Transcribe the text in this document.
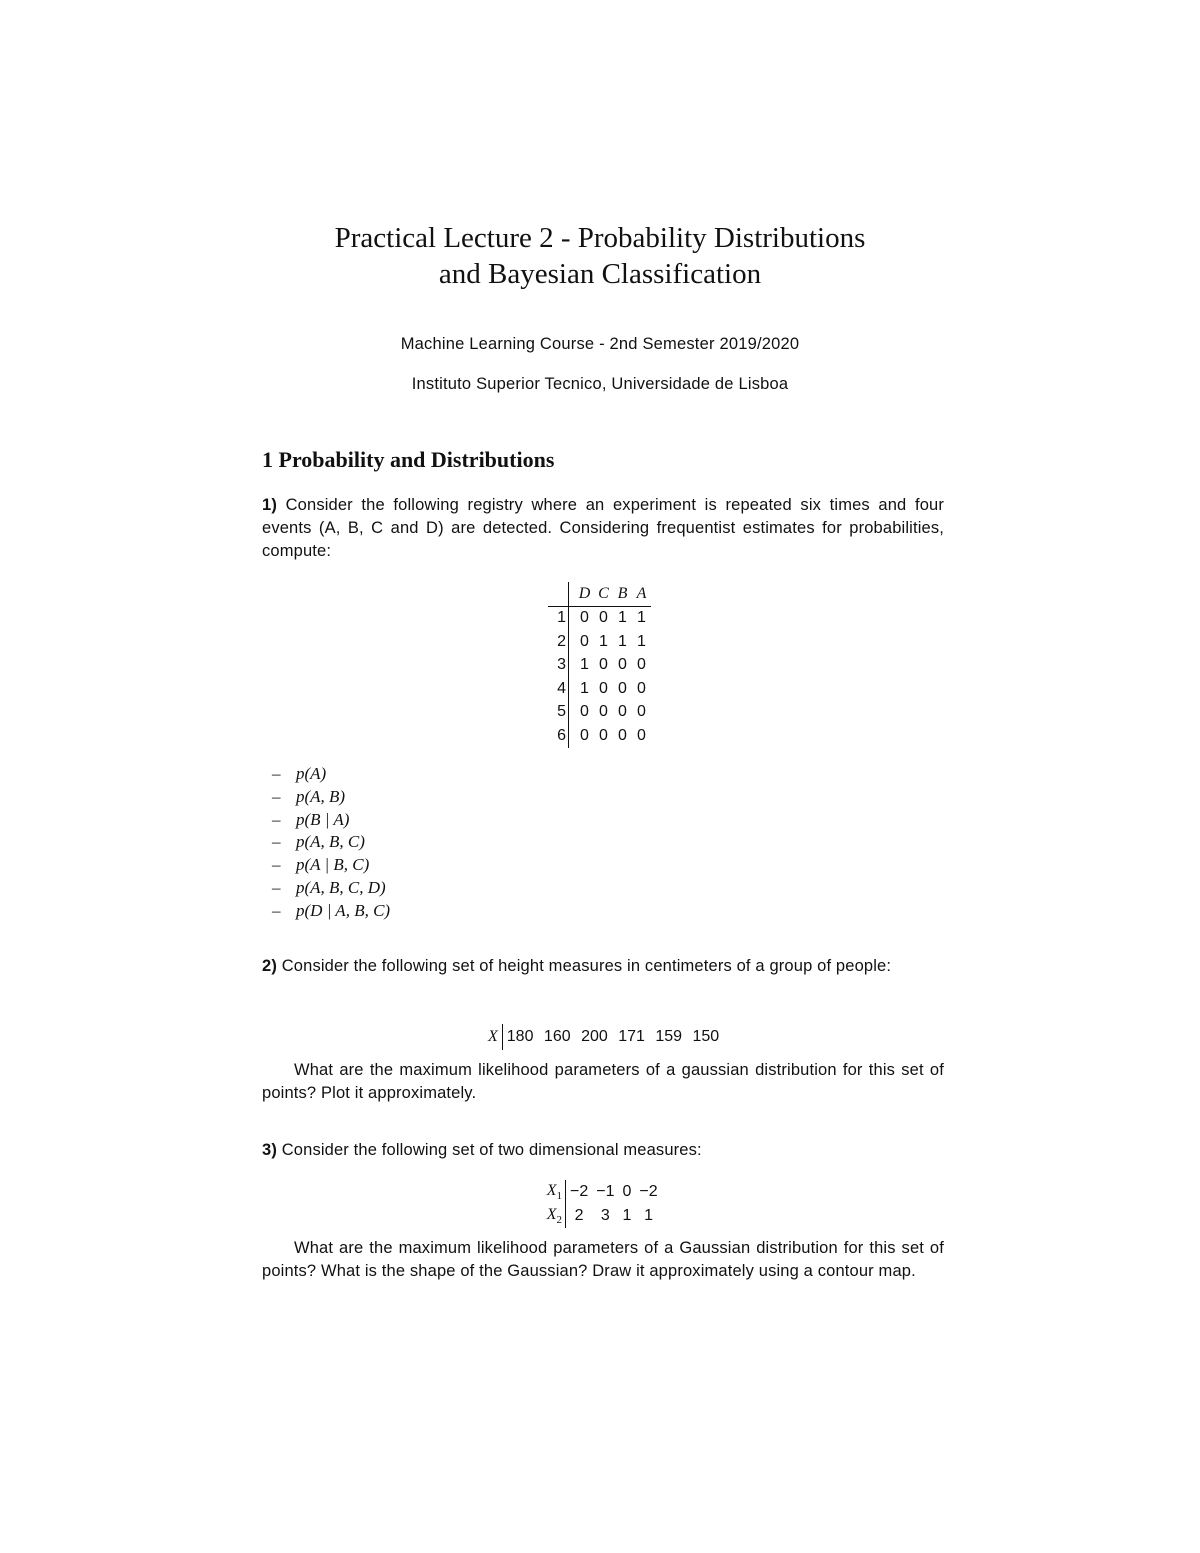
Practical Lecture 2 - Probability Distributions
and Bayesian Classification
Machine Learning Course - 2nd Semester 2019/2020
Instituto Superior Tecnico, Universidade de Lisboa
1 Probability and Distributions
1) Consider the following registry where an experiment is repeated six times and four events (A, B, C and D) are detected. Considering frequentist estimates for probabilities, compute:
	D	C	B	A
1	0	0	1	1
2	0	1	1	1
3	1	0	0	0
4	1	0	0	0
5	0	0	0	0
6	0	0	0	0
– p(A)
– p(A, B)
– p(B | A)
– p(A, B, C)
– p(A | B, C)
– p(A, B, C, D)
– p(D | A, B, C)
2) Consider the following set of height measures in centimeters of a group of people:
X 180 160 200 171 159 150
What are the maximum likelihood parameters of a gaussian distribution for this set of points? Plot it approximately.
3) Consider the following set of two dimensional measures:
$X_1$	−2	−1	0	−2
$X_2$	2	3	1	1
What are the maximum likelihood parameters of a Gaussian distribution for this set of points? What is the shape of the Gaussian? Draw it approximately using a contour map.
